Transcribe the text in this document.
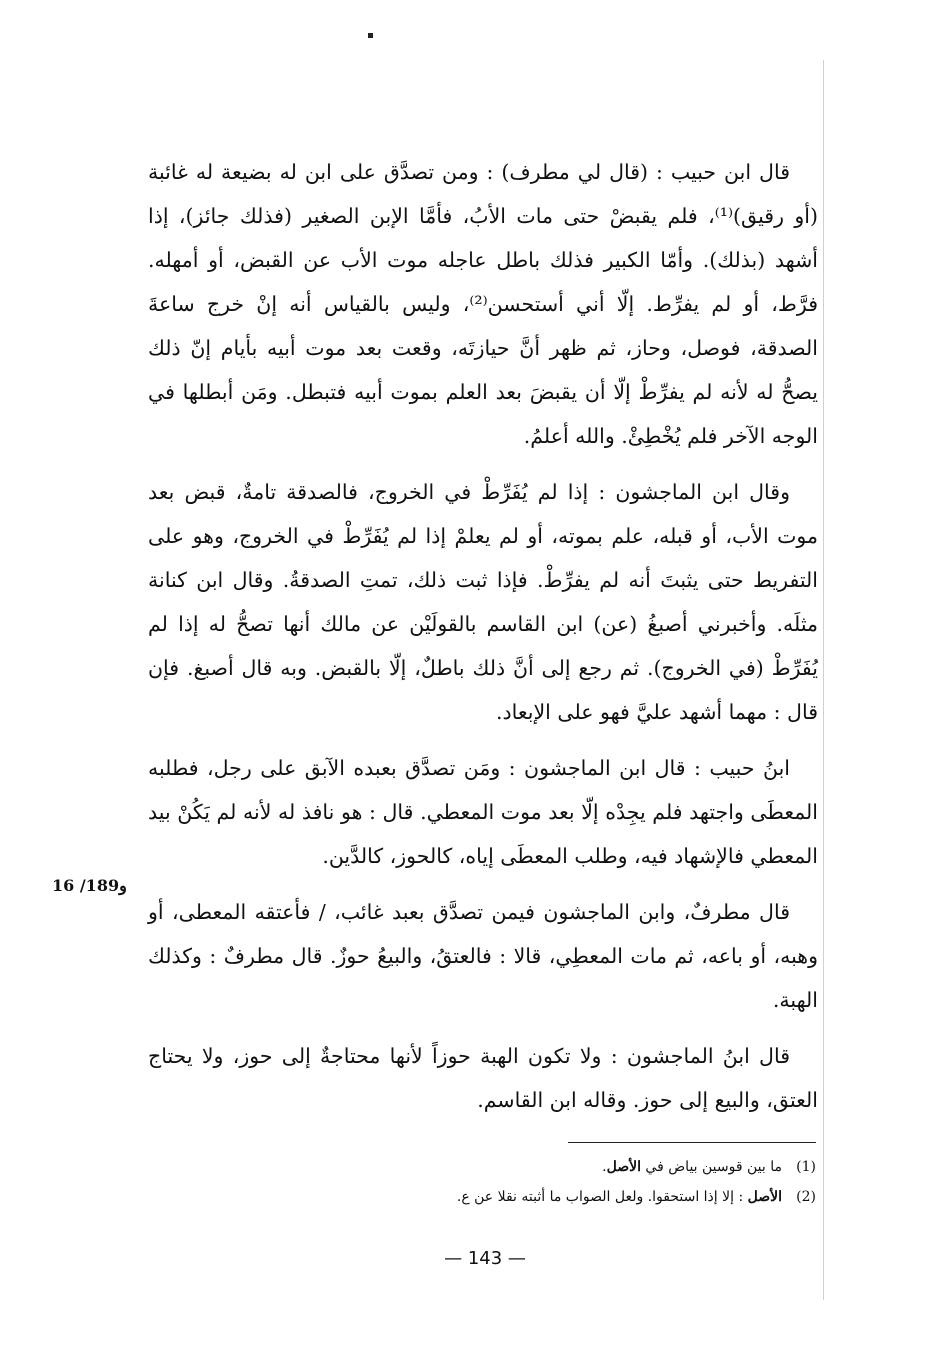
16 /189و

قال ابن حبيب : (قال لي مطرف) : ومن تصدَّق على ابن له بضيعة له غائبة (أو رقيق)⁽¹⁾، فلم يقبضْ حتى مات الأبُ، فأمَّا الإبن الصغير (فذلك جائز)، إذا أشهد (بذلك). وأمّا الكبير فذلك باطل عاجله موت الأب عن القبض، أو أمهله. فرَّط، أو لم يفرِّط. إلّا أني أستحسن⁽²⁾، وليس بالقياس أنه إنْ خرج ساعةَ الصدقة، فوصل، وحاز، ثم ظهر أنَّ حيازتَه، وقعت بعد موت أبيه بأيام إنّ ذلك يصحُّ له لأنه لم يفرِّطْ إلّا أن يقبضَ بعد العلم بموت أبيه فتبطل. ومَن أبطلها في الوجه الآخر فلم يُخْطِئْ. والله أعلمُ.

وقال ابن الماجشون : إذا لم يُفَرِّطْ في الخروج، فالصدقة تامةٌ، قبض بعد موت الأب، أو قبله، علم بموته، أو لم يعلمْ إذا لم يُفَرِّطْ في الخروج، وهو على التفريط حتى يثبتَ أنه لم يفرِّطْ. فإذا ثبت ذلك، تمتِ الصدقةُ. وقال ابن كنانة مثلَه. وأخبرني أصبغُ (عن) ابن القاسم بالقولَيْن عن مالك أنها تصحُّ له إذا لم يُفَرِّطْ (في الخروج). ثم رجع إلى أنَّ ذلك باطلٌ، إلّا بالقبض. وبه قال أصبغ. فإن قال : مهما أشهد عليَّ فهو على الإبعاد.

ابنُ حبيب : قال ابن الماجشون : ومَن تصدَّق بعبده الآبق على رجل، فطلبه المعطَى واجتهد فلم يجِدْه إلّا بعد موت المعطي. قال : هو نافذ له لأنه لم يَكُنْ بيد المعطي فالإشهاد فيه، وطلب المعطَى إياه، كالحوز، كالدَّين.

قال مطرفٌ، وابن الماجشون فيمن تصدَّق بعبد غائب، / فأعتقه المعطى، أو وهبه، أو باعه، ثم مات المعطِي، قالا : فالعتقُ، والبيعُ حوزٌ. قال مطرفٌ : وكذلك الهبة.

قال ابنُ الماجشون : ولا تكون الهبة حوزاً لأنها محتاجةٌ إلى حوز، ولا يحتاج العتق، والبيع إلى حوز. وقاله ابن القاسم.

(1)ما بين قوسين بياض في الأصل.
(2)الأصل : إلا إذا استحقوا. ولعل الصواب ما أثبته نقلا عن ع.
— 143 —
